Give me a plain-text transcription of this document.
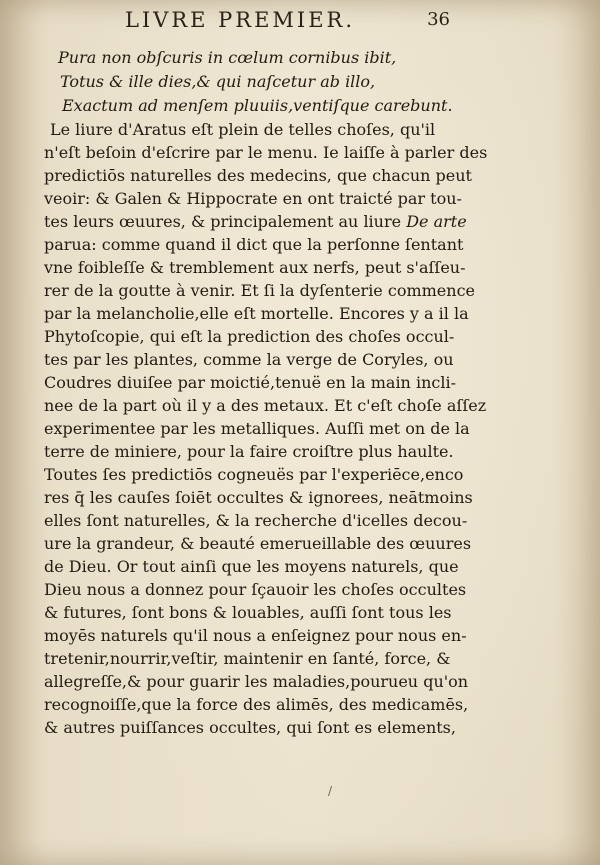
LIVRE PREMIER.	36
Pura non obſcuris in cœlum cornibus ibit,
Totus & ille dies,& qui naſcetur ab illo,
Exactum ad menſem pluuiis,ventiſque carebunt.
Le liure d'Aratus eſt plein de telles choſes, qu'il
n'eſt beſoin d'eſcrire par le menu. Ie laiſſe à parler des
predictiōs naturelles des medecins, que chacun peut
veoir: & Galen & Hippocrate en ont traicté par tou-
tes leurs œuures, & principalement au liure De arte
parua: comme quand il dict que la perſonne ſentant
vne foibleſſe & tremblement aux nerfs, peut s'aſſeu-
rer de la goutte à venir. Et ſi la dyſenterie commence
par la melancholie,elle eſt mortelle. Encores y a il la
Phytoſcopie, qui eſt la prediction des choſes occul-
tes par les plantes, comme la verge de Coryles, ou
Coudres diuiſee par moictié,tenuë en la main incli-
nee de la part où il y a des metaux. Et c'eſt choſe aſſez
experimentee par les metalliques. Auſſi met on de la
terre de miniere, pour la faire croiſtre plus haulte.
Toutes ſes predictiōs cogneuës par l'experiēce,enco
res q̄ les cauſes ſoiēt occultes & ignorees, neātmoins
elles ſont naturelles, & la recherche d'icelles decou-
ure la grandeur, & beauté emerueillable des œuures
de Dieu. Or tout ainſi que les moyens naturels, que
Dieu nous a donnez pour ſçauoir les choſes occultes
& futures, ſont bons & louables, auſſi ſont tous les
moyēs naturels qu'il nous a enſeignez pour nous en-
tretenir,nourrir,veſtir, maintenir en ſanté, force, &
allegreſſe,& pour guarir les maladies,pourueu qu'on
recognoiſſe,que la force des alimēs, des medicamēs,
& autres puiſſances occultes, qui ſont es elements,
/
